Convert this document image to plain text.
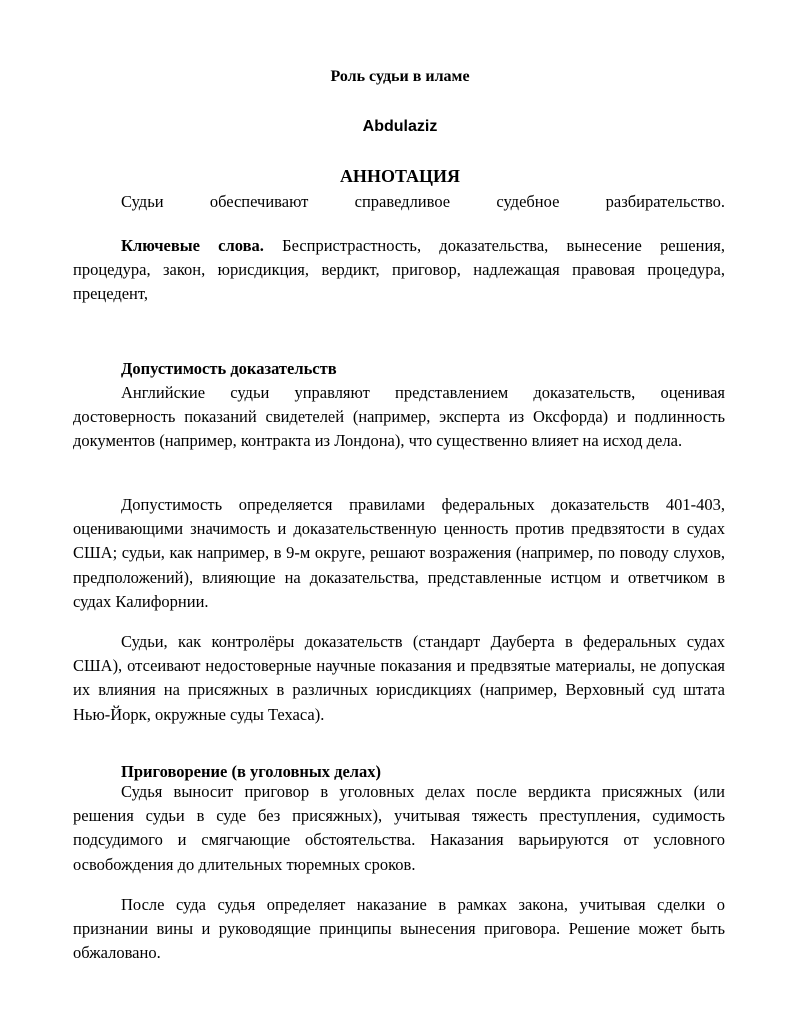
Роль судьи в иламе
Abdulaziz
АННОТАЦИЯ

Судьи обеспечивают справедливое судебное разбирательство.

Ключевые слова. Беспристрастность, доказательства, вынесение решения, процедура, закон, юрисдикция, вердикт, приговор, надлежащая правовая процедура, прецедент,

Допустимость доказательств

Английские судьи управляют представлением доказательств, оценивая достоверность показаний свидетелей (например, эксперта из Оксфорда) и подлинность документов (например, контракта из Лондона), что существенно влияет на исход дела.

Допустимость определяется правилами федеральных доказательств 401-403, оценивающими значимость и доказательственную ценность против предвзятости в судах США; судьи, как например, в 9-м округе, решают возражения (например, по поводу слухов, предположений), влияющие на доказательства, представленные истцом и ответчиком в судах Калифорнии.

Судьи, как контролёры доказательств (стандарт Дауберта в федеральных судах США), отсеивают недостоверные научные показания и предвзятые материалы, не допуская их влияния на присяжных в различных юрисдикциях (например, Верховный суд штата Нью-Йорк, окружные суды Техаса).

Приговорение (в уголовных делах)

Судья выносит приговор в уголовных делах после вердикта присяжных (или решения судьи в суде без присяжных), учитывая тяжесть преступления, судимость подсудимого и смягчающие обстоятельства. Наказания варьируются от условного освобождения до длительных тюремных сроков.

После суда судья определяет наказание в рамках закона, учитывая сделки о признании вины и руководящие принципы вынесения приговора. Решение может быть обжаловано.
